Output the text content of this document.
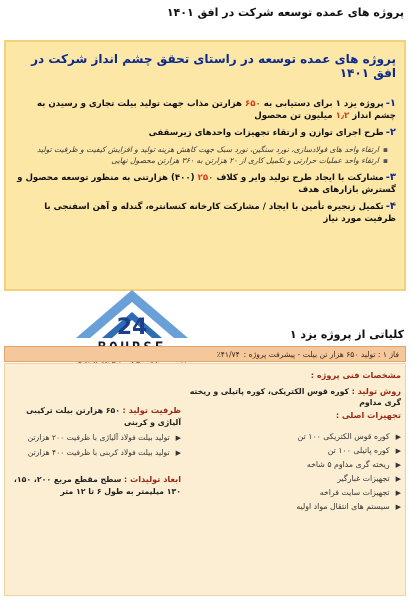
پروژه های عمده توسعه شرکت در افق ۱۴۰۱
پروژه های عمده توسعه در راستای تحقق چشم انداز شرکت در افق ۱۴۰۱
۱-پروژه یزد ۱ برای دستیابی به ۶۵۰ هزارتن مذاب جهت تولید بیلت تجاری و رسیدن به چشم انداز ۱٫۲ میلیون تن محصول
۲-طرح اجرای توازن و ارتقاء تجهیزات واحدهای زیرسقفی
▪ارتقاء واحد های فولادسازی، نورد سنگین، نورد سبک جهت کاهش هزینه تولید و افزایش کیفیت و ظرفیت تولید
▪ارتقاء واحد عملیات حرارتی و تکمیل کاری از ۲۰ هزارتن به ۳۶۰ هزارتن محصول نهایی
۳-مشارکت با ایجاد طرح تولید وایر و کلاف ۲۵۰ (۴۰۰) هزارتنی به منظور توسعه محصول و گسترش بازارهای هدف
۴-تکمیل زنجیره تأمین با ایجاد / مشارکت کارخانه کنسانتره، گندله و آهن اسفنجی با ظرفیت مورد نیاز
24	کلیاتی از پروژه یزد ۱
فاز ۱ : تولید ۶۵۰ هزار تن بیلت - پیشرفت پروژه :۴۱/۷۴٪
مشخصات فنی پروژه :
روش تولید : کوره قوس الکتریکی، کوره پاتیلی و ریخته گری مداوم
تجهیزات اصلی :
▶کوره قوس الکتریکی ۱۰۰ تن
▶کوره پاتیلی ۱۰۰ تن
▶ریخته گری مداوم ۵ شاخه
▶تجهیزات غبارگیر
▶تجهیزات سایت فراخه
▶سیستم های انتقال مواد اولیه
ظرفیت تولید : ۶۵۰ هزارتن بیلت ترکیبی آلیاژی و کربنی
▶تولید بیلت فولاد آلیاژی با ظرفیت ۲۰۰ هزارتن
▶تولید بیلت فولاد کربنی با ظرفیت ۴۰۰ هزارتن
ابعاد تولیدات : سطح مقطع مربع ۲۰۰، ۱۵۰، ۱۳۰ میلیمتر به طول ۶ تا ۱۲ متر
